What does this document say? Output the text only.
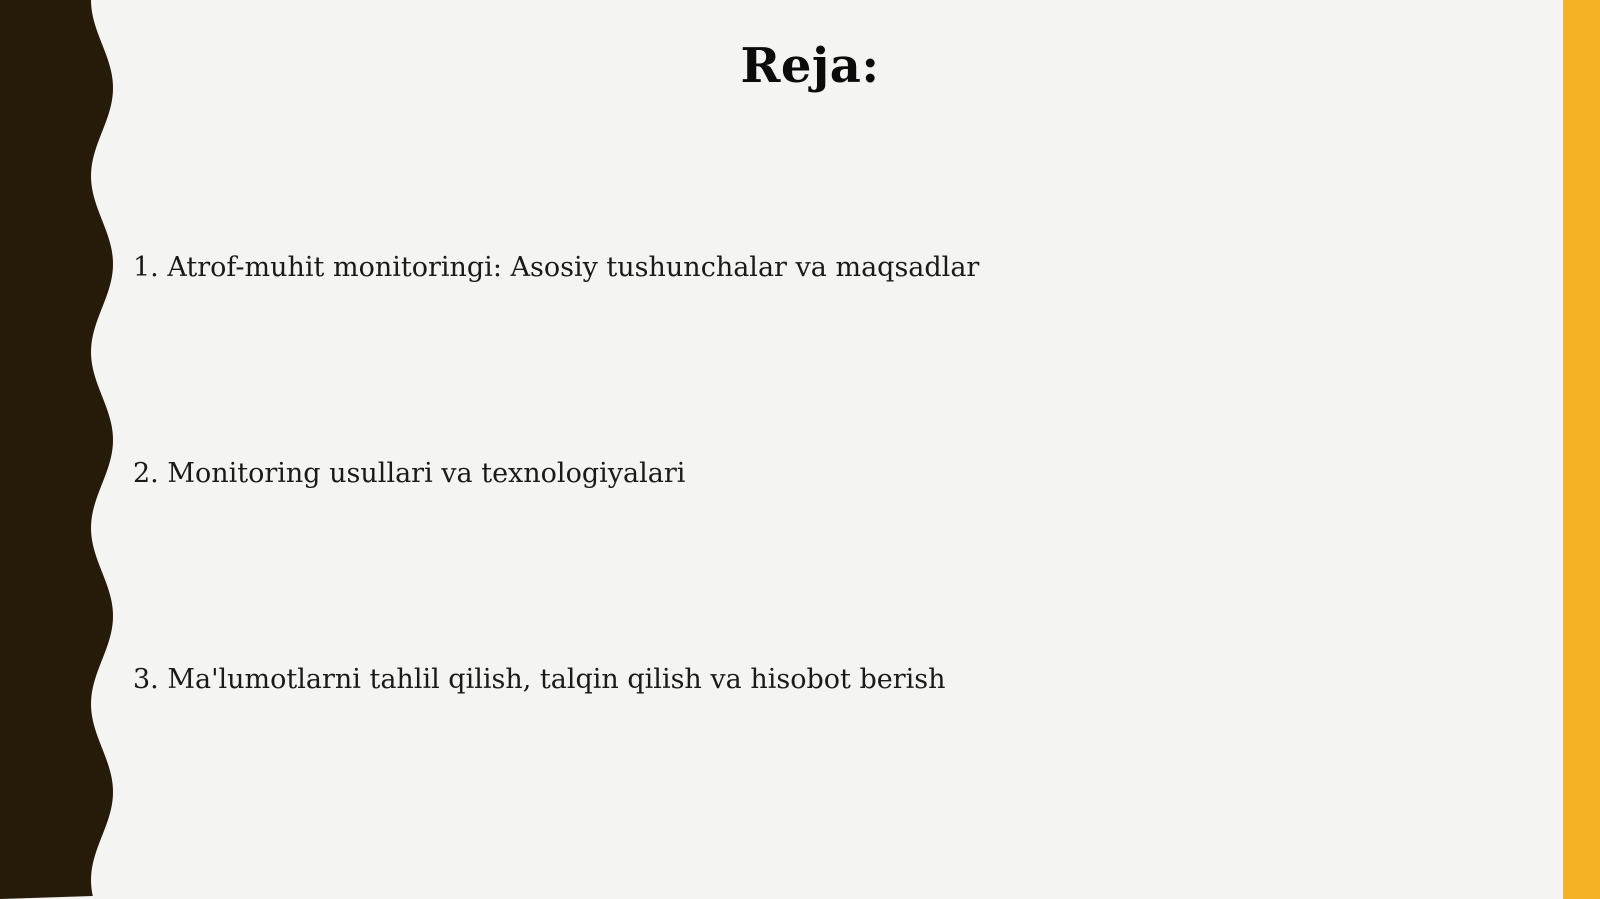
Reja:
1. Atrof-muhit monitoringi: Asosiy tushunchalar va maqsadlar
2. Monitoring usullari va texnologiyalari
3. Ma'lumotlarni tahlil qilish, talqin qilish va hisobot berish
